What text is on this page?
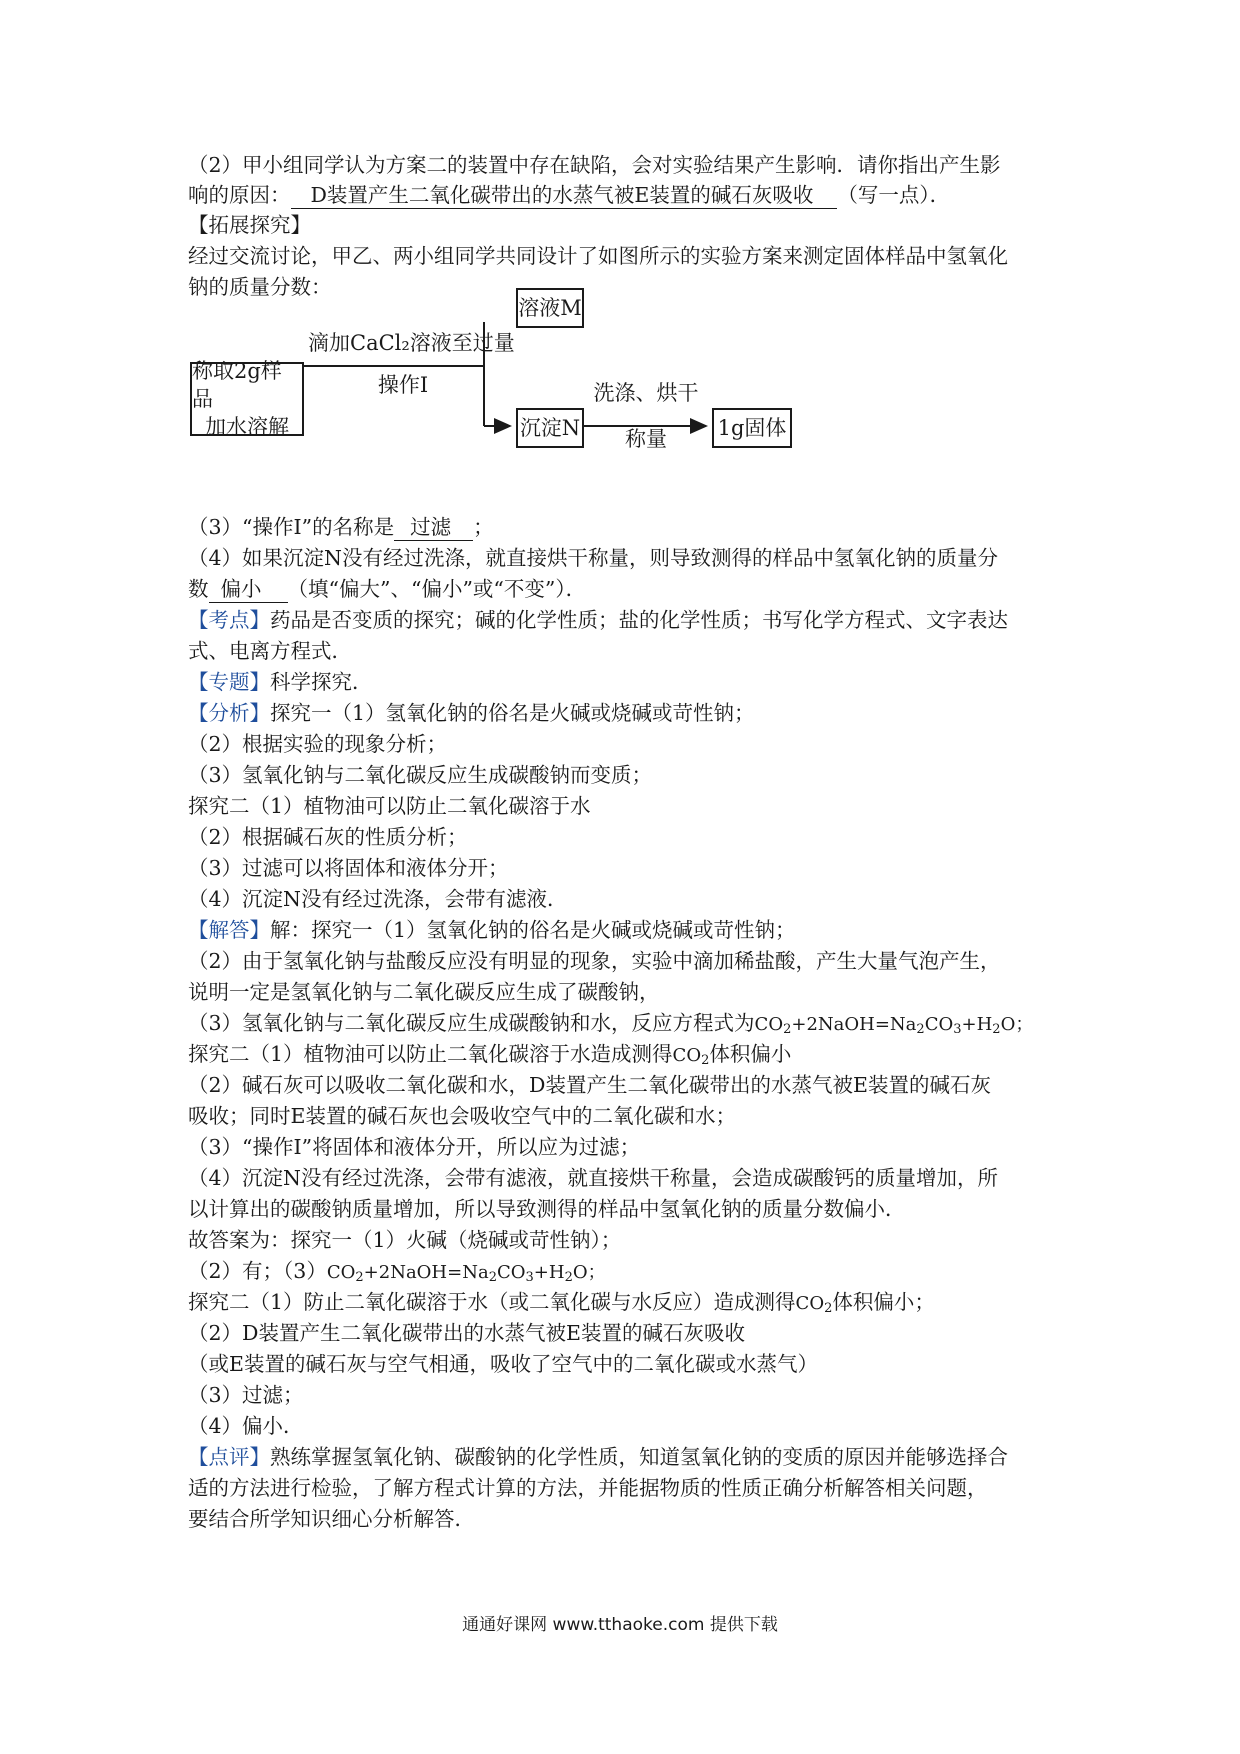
（2）甲小组同学认为方案二的装置中存在缺陷，会对实验结果产生影响．请你指出产生影
响的原因： D装置产生二氧化碳带出的水蒸气被E装置的碱石灰吸收 （写一点）．
【拓展探究】
经过交流讨论，甲乙、两小组同学共同设计了如图所示的实验方案来测定固体样品中氢氧化
钠的质量分数：
称取2g样品
加水溶解
滴加CaCl₂溶液至过量
操作Ⅰ
溶液M
沉淀N
洗涤、烘干
称量	1g固体
（3）“操作Ⅰ”的名称是 过滤 ；
（4）如果沉淀N没有经过洗涤，就直接烘干称量，则导致测得的样品中氢氧化钠的质量分
数 偏小 （填“偏大”、“偏小”或“不变”）．
【考点】药品是否变质的探究；碱的化学性质；盐的化学性质；书写化学方程式、文字表达
式、电离方程式．
【专题】科学探究．
【分析】探究一（1）氢氧化钠的俗名是火碱或烧碱或苛性钠；
（2）根据实验的现象分析；
（3）氢氧化钠与二氧化碳反应生成碳酸钠而变质；
探究二（1）植物油可以防止二氧化碳溶于水
（2）根据碱石灰的性质分析；
（3）过滤可以将固体和液体分开；
（4）沉淀N没有经过洗涤，会带有滤液．
【解答】解：探究一（1）氢氧化钠的俗名是火碱或烧碱或苛性钠；
（2）由于氢氧化钠与盐酸反应没有明显的现象，实验中滴加稀盐酸，产生大量气泡产生，
说明一定是氢氧化钠与二氧化碳反应生成了碳酸钠，
（3）氢氧化钠与二氧化碳反应生成碳酸钠和水，反应方程式为$CO_2+2NaOH=Na_2CO_3+H_2O$；
探究二（1）植物油可以防止二氧化碳溶于水造成测得$CO_2$体积偏小
（2）碱石灰可以吸收二氧化碳和水，D装置产生二氧化碳带出的水蒸气被E装置的碱石灰
吸收；同时E装置的碱石灰也会吸收空气中的二氧化碳和水；
（3）“操作Ⅰ”将固体和液体分开，所以应为过滤；
（4）沉淀N没有经过洗涤，会带有滤液，就直接烘干称量，会造成碳酸钙的质量增加，所
以计算出的碳酸钠质量增加，所以导致测得的样品中氢氧化钠的质量分数偏小．
故答案为：探究一（1）火碱（烧碱或苛性钠）；
（2）有；$(3)CO_2+2NaOH=Na_2CO_3+H_2O$；
探究二（1）防止二氧化碳溶于水（或二氧化碳与水反应）造成测得$CO_2$体积偏小；
（2）D装置产生二氧化碳带出的水蒸气被E装置的碱石灰吸收
（或E装置的碱石灰与空气相通，吸收了空气中的二氧化碳或水蒸气）
（3）过滤；
（4）偏小．
【点评】熟练掌握氢氧化钠、碳酸钠的化学性质，知道氢氧化钠的变质的原因并能够选择合
适的方法进行检验，了解方程式计算的方法，并能据物质的性质正确分析解答相关问题，
要结合所学知识细心分析解答．
通通好课网 www.tthaoke.com 提供下载
